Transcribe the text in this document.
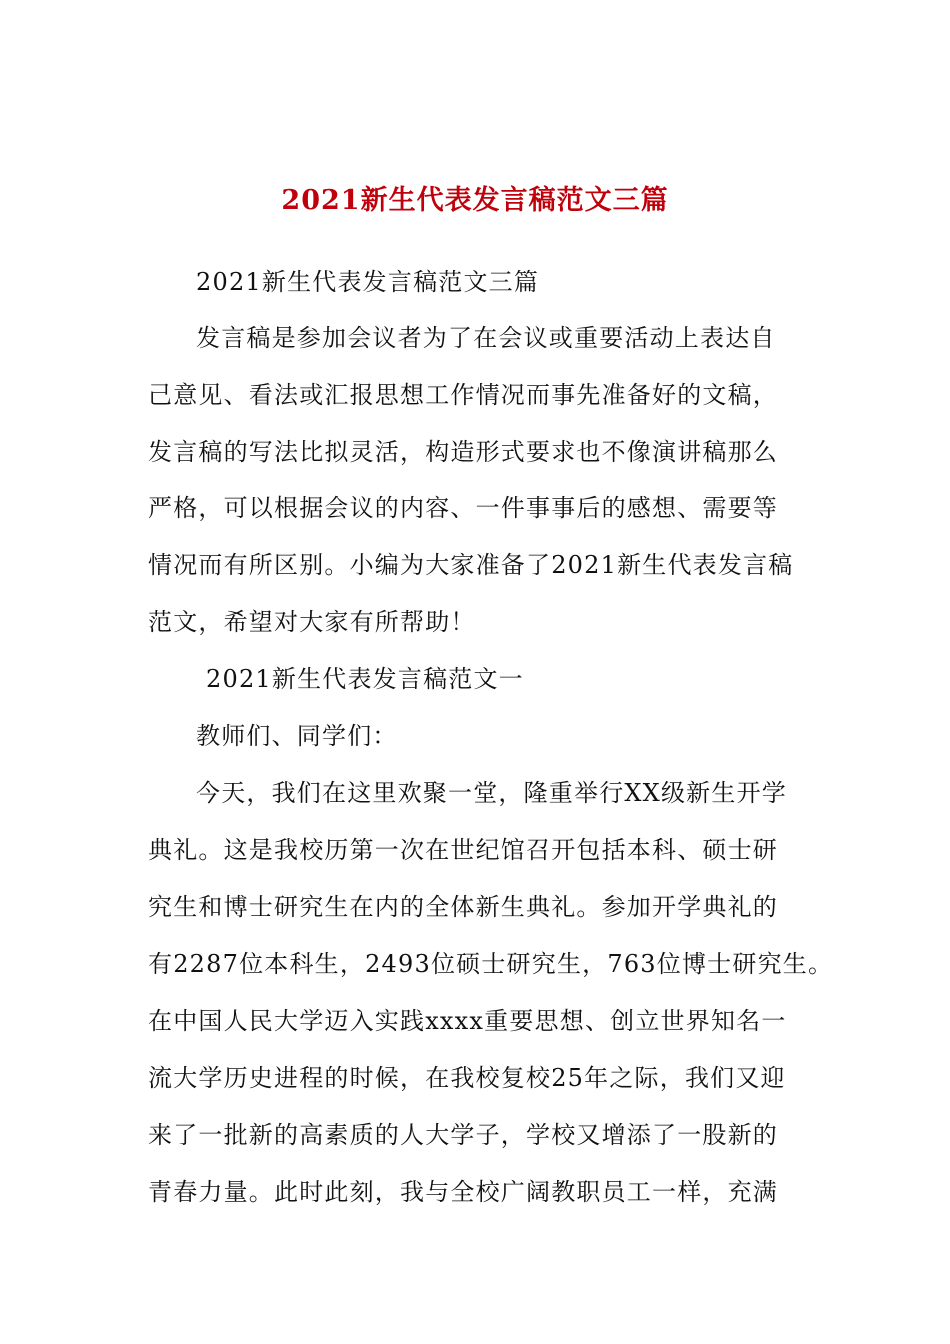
2021新生代表发言稿范文三篇

2021新生代表发言稿范文三篇

发言稿是参加会议者为了在会议或重要活动上表达自

己意见、看法或汇报思想工作情况而事先准备好的文稿，

发言稿的写法比拟灵活，构造形式要求也不像演讲稿那么

严格，可以根据会议的内容、一件事事后的感想、需要等

情况而有所区别。小编为大家准备了2021新生代表发言稿

范文，希望对大家有所帮助！

2021新生代表发言稿范文一

教师们、同学们：

今天，我们在这里欢聚一堂，隆重举行XX级新生开学

典礼。这是我校历第一次在世纪馆召开包括本科、硕士研

究生和博士研究生在内的全体新生典礼。参加开学典礼的

有2287位本科生，2493位硕士研究生，763位博士研究生。

在中国人民大学迈入实践xxxx重要思想、创立世界知名一

流大学历史进程的时候，在我校复校25年之际，我们又迎

来了一批新的高素质的人大学子，学校又增添了一股新的

青春力量。此时此刻，我与全校广阔教职员工一样，充满
